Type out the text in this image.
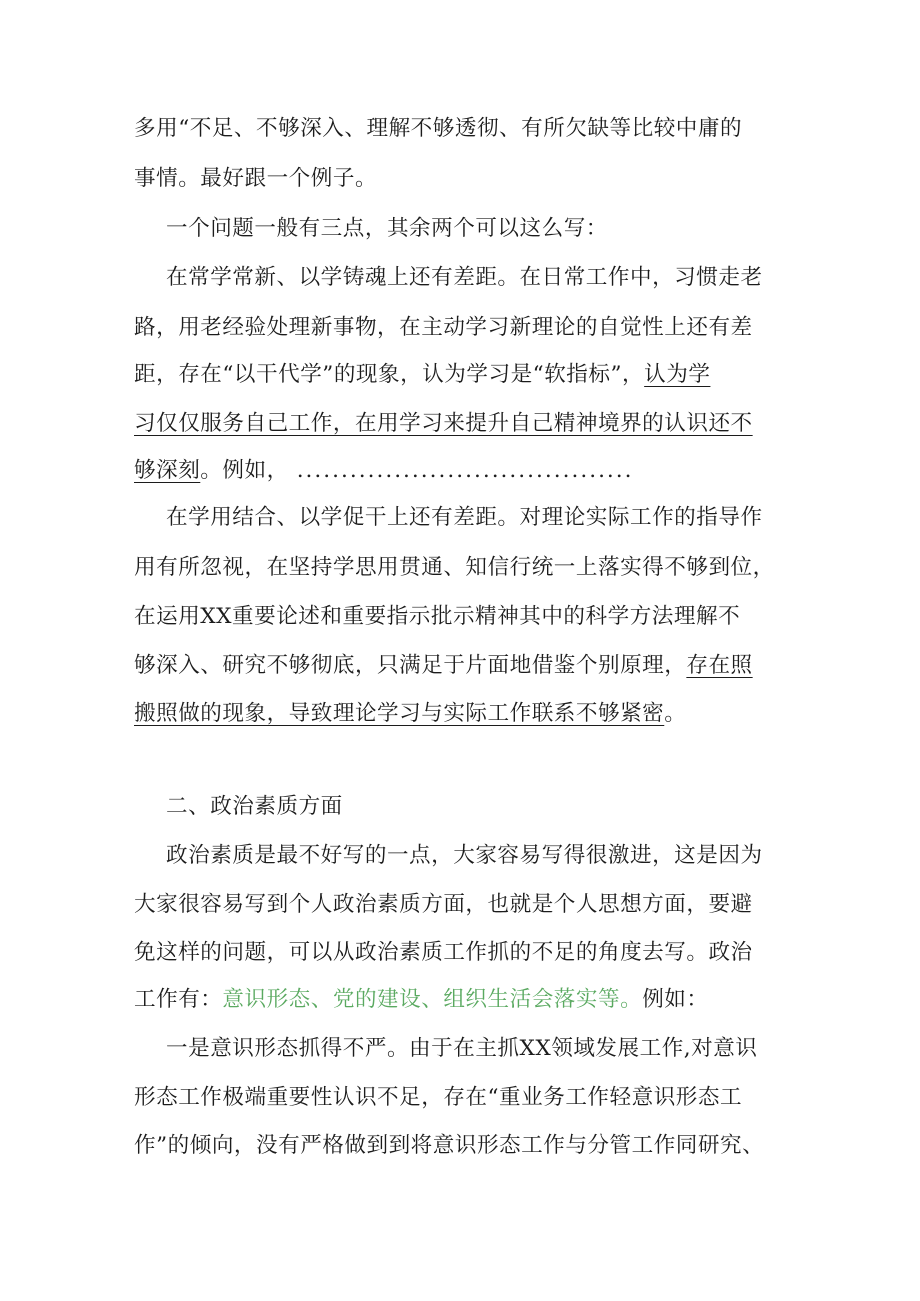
多用“不足、不够深入、理解不够透彻、有所欠缺等比较中庸的
事情。最好跟一个例子。
一个问题一般有三点，其余两个可以这么写：
在常学常新、以学铸魂上还有差距。在日常工作中，习惯走老
路，用老经验处理新事物，在主动学习新理论的自觉性上还有差
距，存在“以干代学”的现象，认为学习是“软指标”，认为学
习仅仅服务自己工作，在用学习来提升自己精神境界的认识还不
够深刻。例如， ......................................
在学用结合、以学促干上还有差距。对理论实际工作的指导作
用有所忽视，在坚持学思用贯通、知信行统一上落实得不够到位，
在运用XX重要论述和重要指示批示精神其中的科学方法理解不
够深入、研究不够彻底，只满足于片面地借鉴个别原理，存在照
搬照做的现象，导致理论学习与实际工作联系不够紧密。
二、政治素质方面
政治素质是最不好写的一点，大家容易写得很激进，这是因为
大家很容易写到个人政治素质方面，也就是个人思想方面，要避
免这样的问题，可以从政治素质工作抓的不足的角度去写。政治
工作有：意识形态、党的建设、组织生活会落实等。例如：
一是意识形态抓得不严。由于在主抓XX领域发展工作,对意识
形态工作极端重要性认识不足，存在“重业务工作轻意识形态工
作”的倾向，没有严格做到到将意识形态工作与分管工作同研究、
